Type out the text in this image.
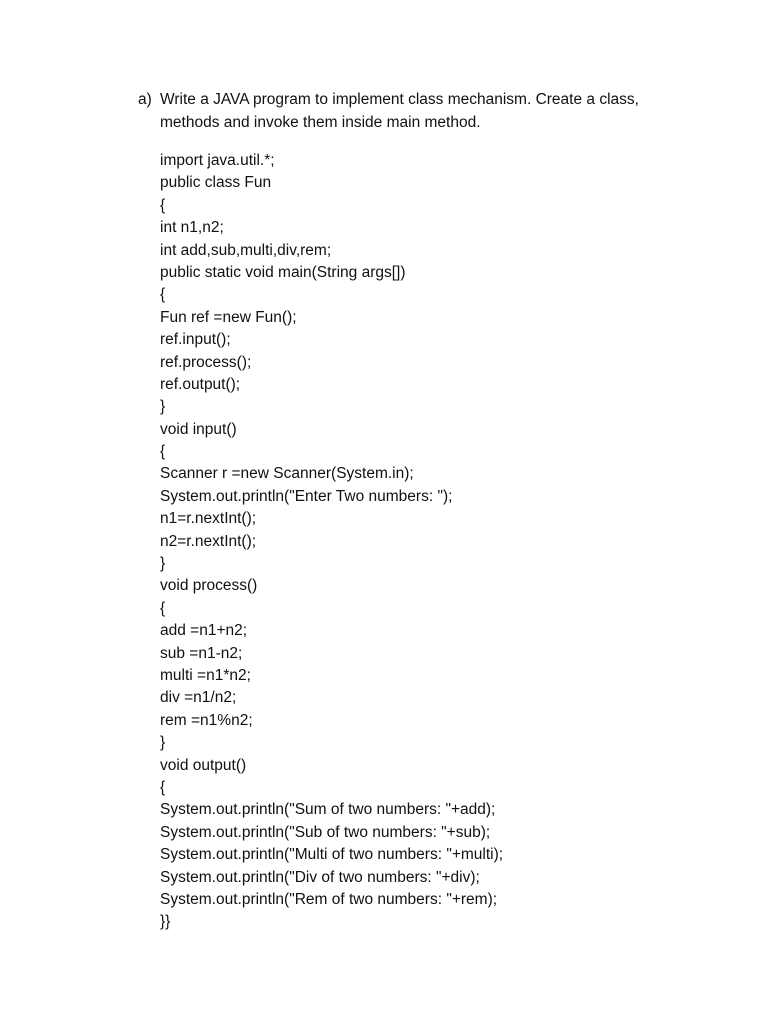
a) Write a JAVA program to implement class mechanism. Create a class,
methods and invoke them inside main method.
import java.util.*;
public class Fun
{
int n1,n2;
int add,sub,multi,div,rem;
public static void main(String args[])
{
Fun ref =new Fun();
ref.input();
ref.process();
ref.output();
}
void input()
{
Scanner r =new Scanner(System.in);
System.out.println("Enter Two numbers: ");
n1=r.nextInt();
n2=r.nextInt();
}
void process()
{
add =n1+n2;
sub =n1-n2;
multi =n1*n2;
div =n1/n2;
rem =n1%n2;
}
void output()
{
System.out.println("Sum of two numbers: "+add);
System.out.println("Sub of two numbers: "+sub);
System.out.println("Multi of two numbers: "+multi);
System.out.println("Div of two numbers: "+div);
System.out.println("Rem of two numbers: "+rem);
}}
